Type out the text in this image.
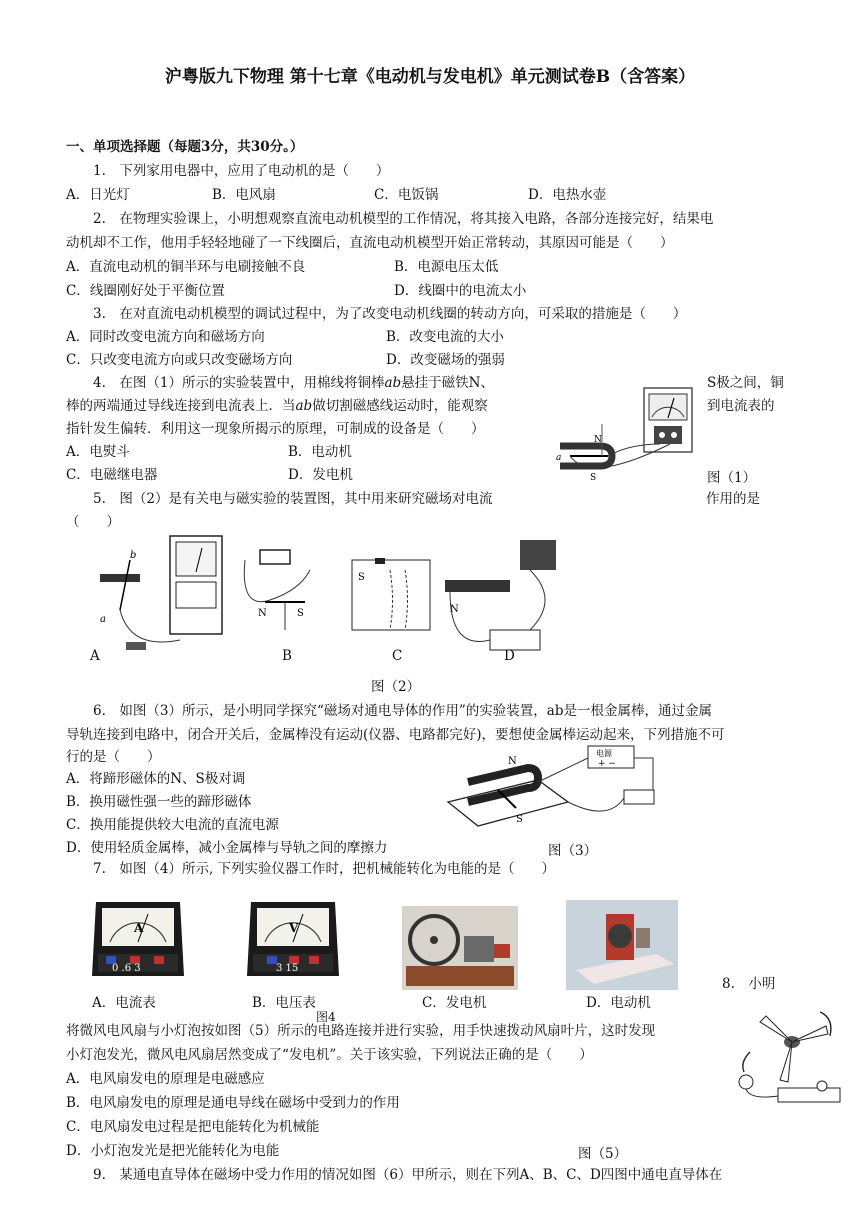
沪粤版九下物理 第十七章《电动机与发电机》单元测试卷B（含答案）
一、单项选择题（每题3分，共30分。）
1.　下列家用电器中，应用了电动机的是（　　）
A．日光灯	B．电风扇	C．电饭锅	D．电热水壶
2.　在物理实验课上，小明想观察直流电动机模型的工作情况，将其接入电路，各部分连接完好，结果电
动机却不工作，他用手轻轻地碰了一下线圈后，直流电动机模型开始正常转动，其原因可能是（　　）
A．直流电动机的铜半环与电刷接触不良	B．电源电压太低
C．线圈刚好处于平衡位置	D．线圈中的电流太小
3.　在对直流电动机模型的调试过程中，为了改变电动机线圈的转动方向，可采取的措施是（　　）
A．同时改变电流方向和磁场方向	B．改变电流的大小
C．只改变电流方向或只改变磁场方向	D．改变磁场的强弱
4.　在图（1）所示的实验装置中，用棉线将铜棒ab悬挂于磁铁N、	S极之间，铜
棒的两端通过导线连接到电流表上．当ab做切割磁感线运动时，能观察	到电流表的
指针发生偏转．利用这一现象所揭示的原理，可制成的设备是（　　）
A．电熨斗	B．电动机
C．电磁继电器	D．发电机	图（1）
N
S
a
5.　图（2）是有关电与磁实验的装置图，其中用来研究磁场对电流	作用的是
（　　）
b
a
N	S
S
N
A	B	C	D
图（2）
6.　如图（3）所示，是小明同学探究“磁场对通电导体的作用”的实验装置，ab是一根金属棒，通过金属
导轨连接到电路中，闭合开关后，金属棒没有运动(仪器、电路都完好)，要想使金属棒运动起来，下列措施不可
行的是（　　）
A．将蹄形磁体的N、S极对调
B．换用磁性强一些的蹄形磁体
C．换用能提供较大电流的直流电源
D．使用轻质金属棒，减小金属棒与导轨之间的摩擦力	图（3）
N
S
电源
+ −
7.　如图（4）所示, 下列实验仪器工作时，把机械能转化为电能的是（　　）
A
0 .6 3
V
3 15
A．电流表	B．电压表	C．发电机	D．电动机
图4
8.　小明
将微风电风扇与小灯泡按如图（5）所示的电路连接并进行实验，用手快速拨动风扇叶片，这时发现
小灯泡发光，微风电风扇居然变成了“发电机”。关于该实验，下列说法正确的是（　　）
A．电风扇发电的原理是电磁感应
B．电风扇发电的原理是通电导线在磁场中受到力的作用
C．电风扇发电过程是把电能转化为机械能
D．小灯泡发光是把光能转化为电能	图（5）
9.　某通电直导体在磁场中受力作用的情况如图（6）甲所示，则在下列A、B、C、D四图中通电直导体在
